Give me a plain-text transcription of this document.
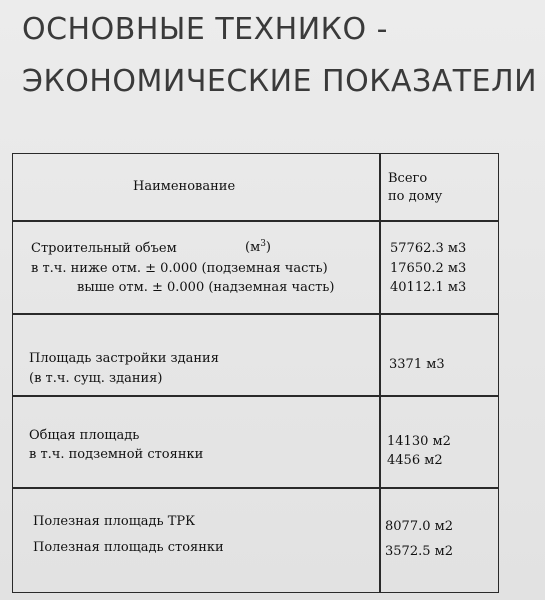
ОСНОВНЫЕ ТЕХНИКО -
ЭКОНОМИЧЕСКИЕ ПОКАЗАТЕЛИ
Наименование
Всего
по дому
Строительный объем	$(м^3)$
в т.ч. ниже отм. ± 0.000 (подземная часть)
выше отм. ± 0.000 (надземная часть)
57762.3 м3
17650.2 м3
40112.1 м3
Площадь застройки здания
(в т.ч. сущ. здания)
3371 м3
Общая площадь
в т.ч. подземной стоянки
14130 м2
4456 м2
Полезная площадь ТРК
Полезная площадь стоянки
8077.0 м2
3572.5 м2
